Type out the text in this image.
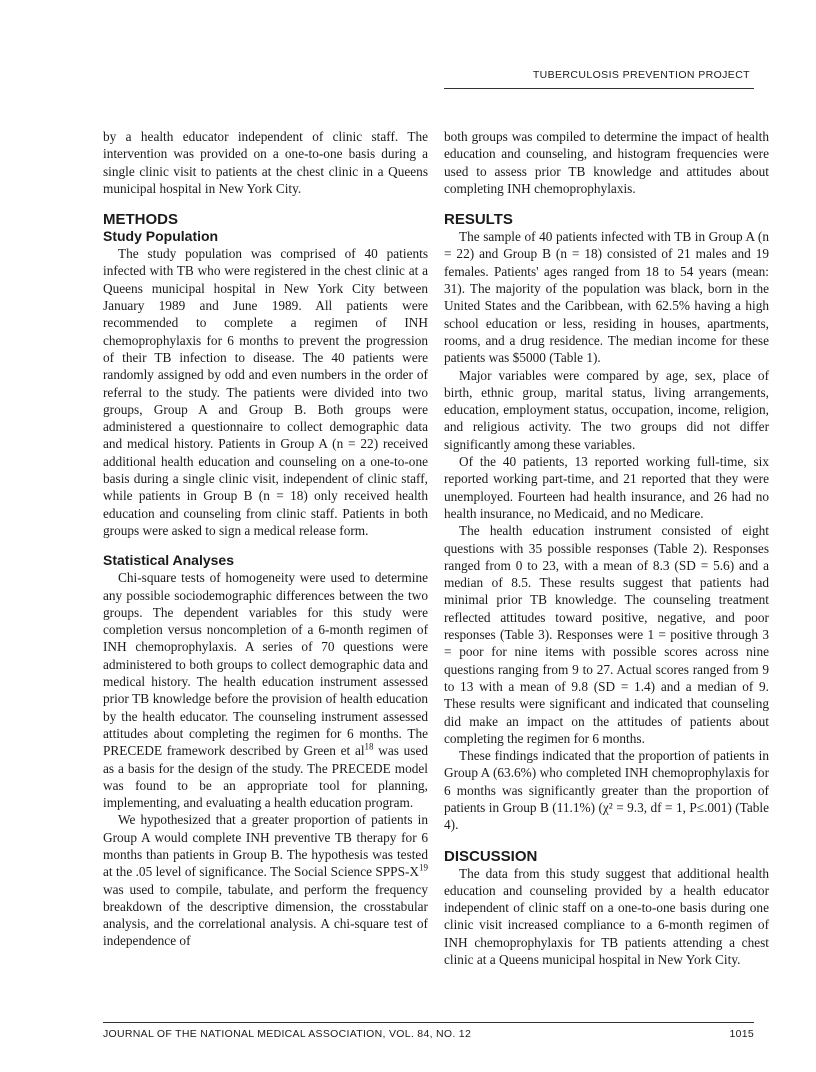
TUBERCULOSIS PREVENTION PROJECT

by a health educator independent of clinic staff. The intervention was provided on a one-to-one basis during a single clinic visit to patients at the chest clinic in a Queens municipal hospital in New York City.

METHODS
Study Population

The study population was comprised of 40 patients infected with TB who were registered in the chest clinic at a Queens municipal hospital in New York City between January 1989 and June 1989. All patients were recommended to complete a regimen of INH chemoprophylaxis for 6 months to prevent the progression of their TB infection to disease. The 40 patients were randomly assigned by odd and even numbers in the order of referral to the study. The patients were divided into two groups, Group A and Group B. Both groups were administered a questionnaire to collect demographic data and medical history. Patients in Group A (n = 22) received additional health education and counseling on a one-to-one basis during a single clinic visit, independent of clinic staff, while patients in Group B (n = 18) only received health education and counseling from clinic staff. Patients in both groups were asked to sign a medical release form.

Statistical Analyses

Chi-square tests of homogeneity were used to determine any possible sociodemographic differences between the two groups. The dependent variables for this study were completion versus noncompletion of a 6-month regimen of INH chemoprophylaxis. A series of 70 questions were administered to both groups to collect demographic data and medical history. The health education instrument assessed prior TB knowledge before the provision of health education by the health educator. The counseling instrument assessed attitudes about completing the regimen for 6 months. The PRECEDE framework described by Green et $al^{18}$ was used as a basis for the design of the study. The PRECEDE model was found to be an appropriate tool for planning, implementing, and evaluating a health education program.

We hypothesized that a greater proportion of patients in Group A would complete INH preventive TB therapy for 6 months than patients in Group B. The hypothesis was tested at the .05 level of significance. The Social Science SPPS-$X^{19}$ was used to compile, tabulate, and perform the frequency breakdown of the descriptive dimension, the crosstabular analysis, and the correlational analysis. A chi-square test of independence of

both groups was compiled to determine the impact of health education and counseling, and histogram frequencies were used to assess prior TB knowledge and attitudes about completing INH chemoprophylaxis.

RESULTS

The sample of 40 patients infected with TB in Group A (n = 22) and Group B (n = 18) consisted of 21 males and 19 females. Patients' ages ranged from 18 to 54 years (mean: 31). The majority of the population was black, born in the United States and the Caribbean, with 62.5% having a high school education or less, residing in houses, apartments, rooms, and a drug residence. The median income for these patients was $5000 (Table 1).

Major variables were compared by age, sex, place of birth, ethnic group, marital status, living arrangements, education, employment status, occupation, income, religion, and religious activity. The two groups did not differ significantly among these variables.

Of the 40 patients, 13 reported working full-time, six reported working part-time, and 21 reported that they were unemployed. Fourteen had health insurance, and 26 had no health insurance, no Medicaid, and no Medicare.

The health education instrument consisted of eight questions with 35 possible responses (Table 2). Responses ranged from 0 to 23, with a mean of 8.3 (SD = 5.6) and a median of 8.5. These results suggest that patients had minimal prior TB knowledge. The counseling treatment reflected attitudes toward positive, negative, and poor responses (Table 3). Responses were 1 = positive through 3 = poor for nine items with possible scores across nine questions ranging from 9 to 27. Actual scores ranged from 9 to 13 with a mean of 9.8 (SD = 1.4) and a median of 9. These results were significant and indicated that counseling did make an impact on the attitudes of patients about completing the regimen for 6 months.

These findings indicated that the proportion of patients in Group A (63.6%) who completed INH chemoprophylaxis for 6 months was significantly greater than the proportion of patients in Group B (11.1%) (χ² = 9.3, df = 1, P≤.001) (Table 4).

DISCUSSION

The data from this study suggest that additional health education and counseling provided by a health educator independent of clinic staff on a one-to-one basis during one clinic visit increased compliance to a 6-month regimen of INH chemoprophylaxis for TB patients attending a chest clinic at a Queens municipal hospital in New York City.

JOURNAL OF THE NATIONAL MEDICAL ASSOCIATION, VOL. 84, NO. 12	1015
